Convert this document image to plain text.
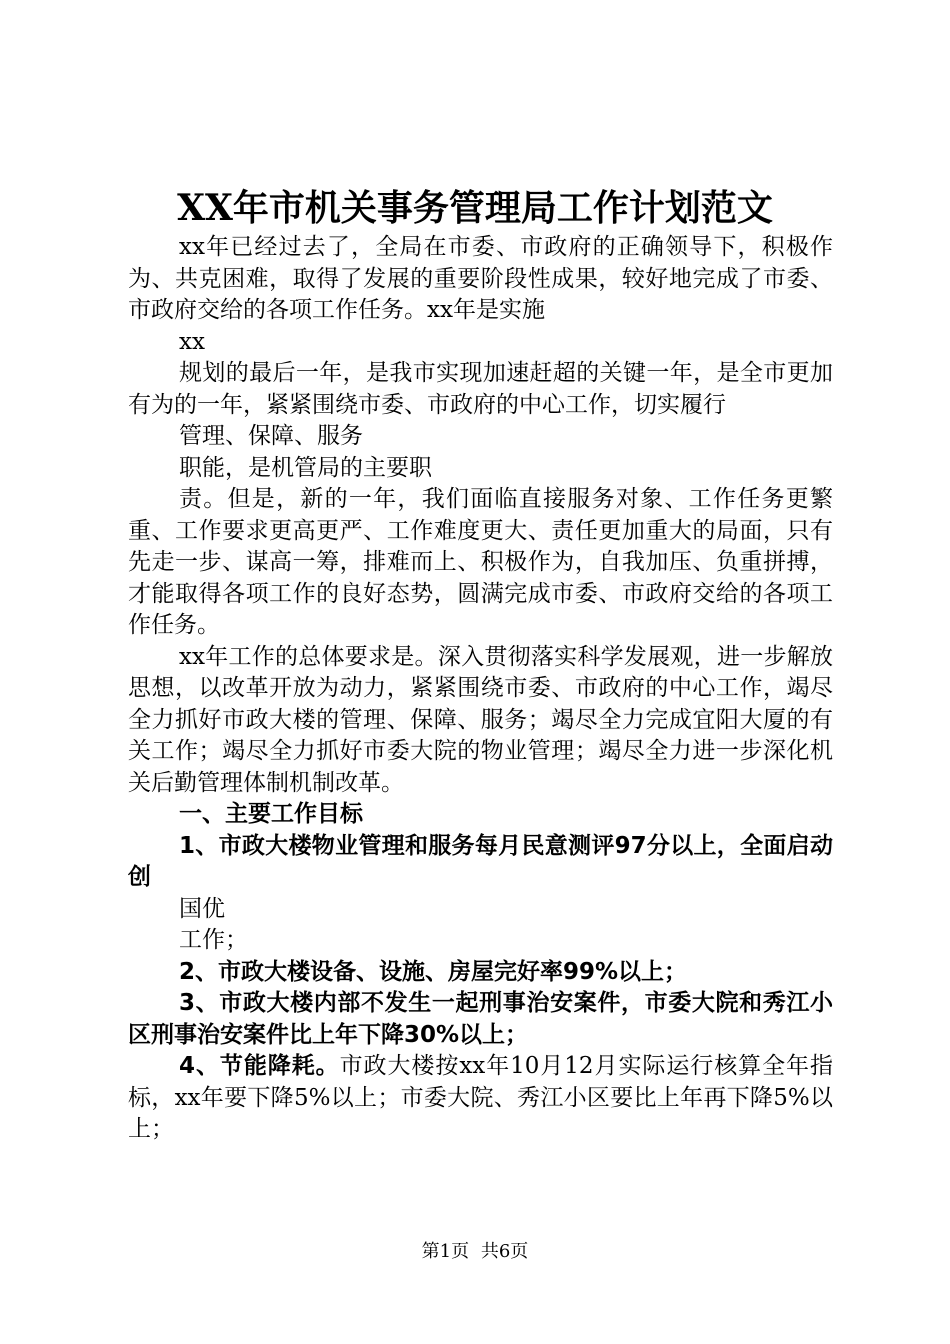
XX年市机关事务管理局工作计划范文

xx年已经过去了，全局在市委、市政府的正确领导下，积极作为、共克困难，取得了发展的重要阶段性成果，较好地完成了市委、市政府交给的各项工作任务。xx年是实施

xx

规划的最后一年，是我市实现加速赶超的关键一年，是全市更加有为的一年，紧紧围绕市委、市政府的中心工作，切实履行

管理、保障、服务

职能，是机管局的主要职

责。但是，新的一年，我们面临直接服务对象、工作任务更繁重、工作要求更高更严、工作难度更大、责任更加重大的局面，只有先走一步、谋高一筹，排难而上、积极作为，自我加压、负重拼搏，才能取得各项工作的良好态势，圆满完成市委、市政府交给的各项工作任务。

xx年工作的总体要求是。深入贯彻落实科学发展观，进一步解放思想，以改革开放为动力，紧紧围绕市委、市政府的中心工作，竭尽全力抓好市政大楼的管理、保障、服务；竭尽全力完成宜阳大厦的有关工作；竭尽全力抓好市委大院的物业管理；竭尽全力进一步深化机关后勤管理体制机制改革。

一、主要工作目标

1、市政大楼物业管理和服务每月民意测评97分以上，全面启动创

国优

工作；

2、市政大楼设备、设施、房屋完好率99%以上；

3、市政大楼内部不发生一起刑事治安案件，市委大院和秀江小区刑事治安案件比上年下降30%以上；

4、节能降耗。市政大楼按xx年10月12月实际运行核算全年指标，xx年要下降5%以上；市委大院、秀江小区要比上年再下降5%以上；

第1页 共6页
